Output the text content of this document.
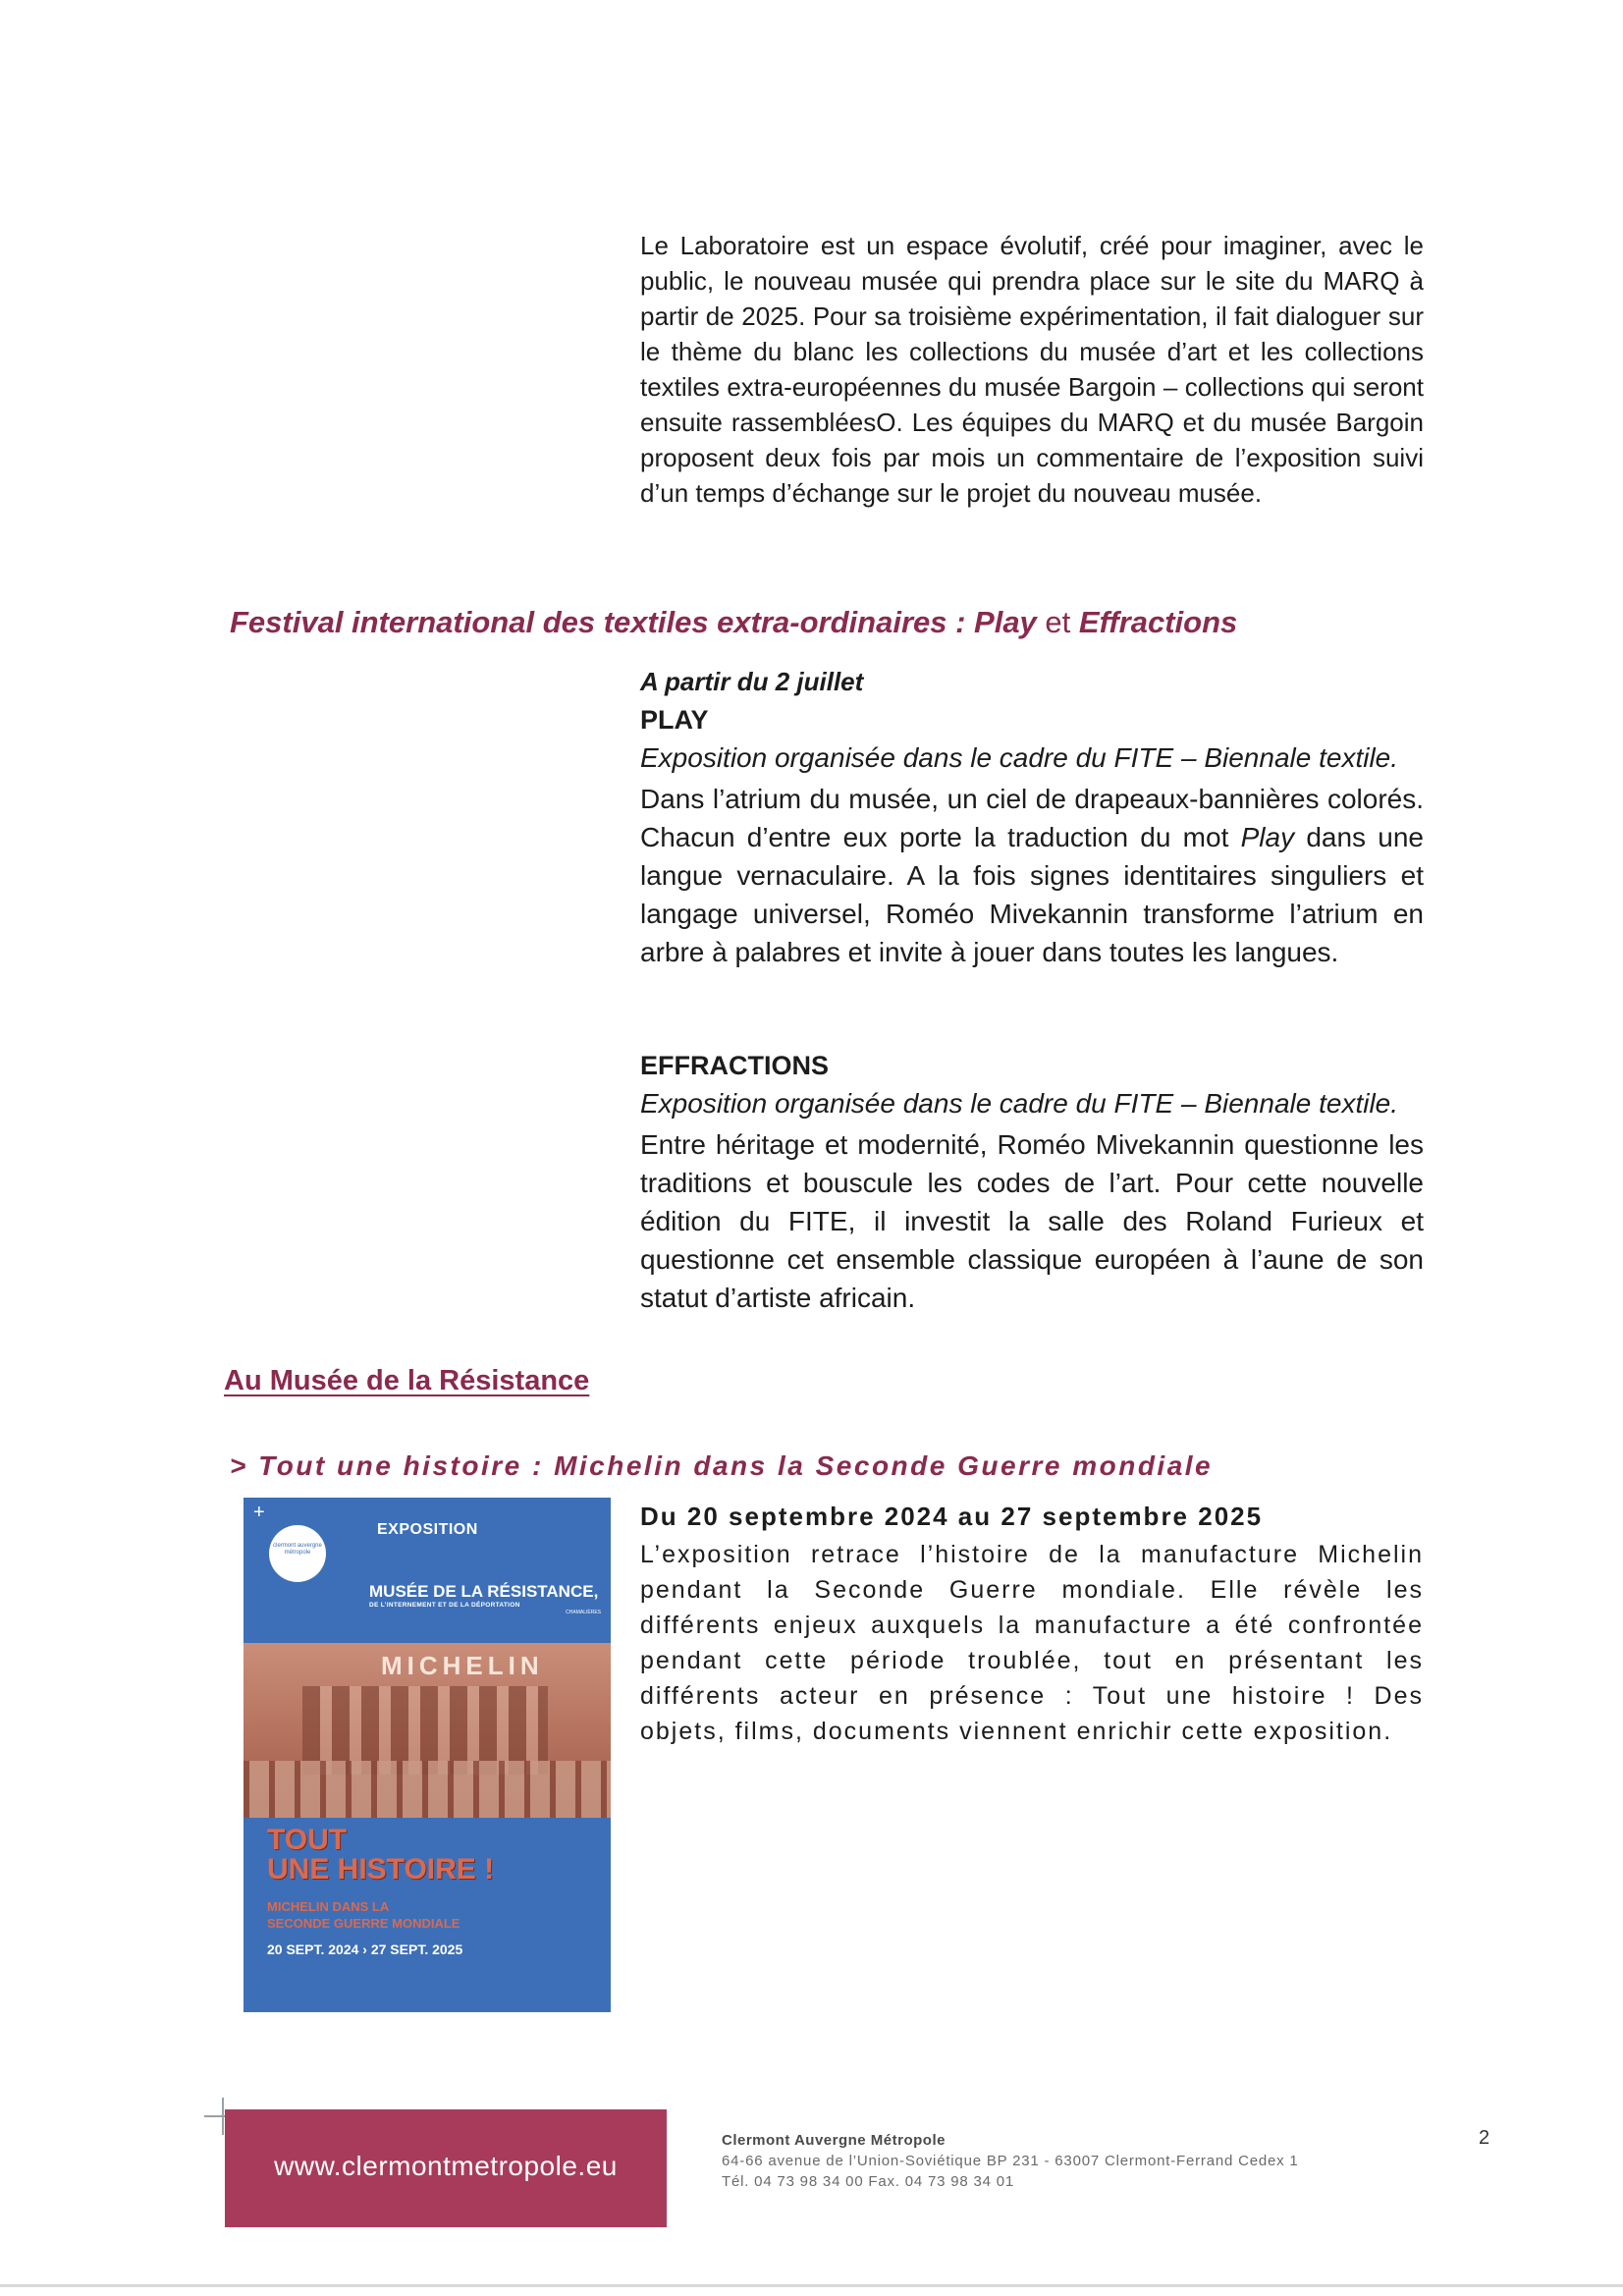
Le Laboratoire est un espace évolutif, créé pour imaginer, avec le public, le nouveau musée qui prendra place sur le site du MARQ à partir de 2025. Pour sa troisième expérimentation, il fait dialoguer sur le thème du blanc les collections du musée d’art et les collections textiles extra-européennes du musée Bargoin – collections qui seront ensuite rassembléesO. Les équipes du MARQ et du musée Bargoin proposent deux fois par mois un commentaire de l’exposition suivi d’un temps d’échange sur le projet du nouveau musée.

Festival international des textiles extra-ordinaires : Play et Effractions
A partir du 2 juillet
PLAY
Exposition organisée dans le cadre du FITE – Biennale textile.

Dans l’atrium du musée, un ciel de drapeaux-bannières colorés. Chacun d’entre eux porte la traduction du mot Play dans une langue vernaculaire. A la fois signes identitaires singuliers et langage universel, Roméo Mivekannin transforme l’atrium en arbre à palabres et invite à jouer dans toutes les langues.

EFFRACTIONS
Exposition organisée dans le cadre du FITE – Biennale textile.

Entre héritage et modernité, Roméo Mivekannin questionne les traditions et bouscule les codes de l’art. Pour cette nouvelle édition du FITE, il investit la salle des Roland Furieux et questionne cet ensemble classique européen à l’aune de son statut d’artiste africain.

Au Musée de la Résistance
> Tout une histoire : Michelin dans la Seconde Guerre mondiale
+
clermont auvergne métropole
EXPOSITION
MUSÉE DE LA RÉSISTANCE,
DE L’INTERNEMENT ET DE LA DÉPORTATION
CHAMALIÈRES
MICHELIN
TOUT
UNE HISTOIRE !
MICHELIN DANS LA
SECONDE GUERRE MONDIALE
20 SEPT. 2024 › 27 SEPT. 2025
Du 20 septembre 2024 au 27 septembre 2025

L’exposition retrace l’histoire de la manufacture Michelin pendant la Seconde Guerre mondiale. Elle révèle les différents enjeux auxquels la manufacture a été confrontée pendant cette période troublée, tout en présentant les différents acteur en présence : Tout une histoire ! Des objets, films, documents viennent enrichir cette exposition.

www.clermontmetropole.eu
Clermont Auvergne Métropole
64-66 avenue de l’Union-Soviétique BP 231 - 63007 Clermont-Ferrand Cedex 1
Tél. 04 73 98 34 00 Fax. 04 73 98 34 01
2
